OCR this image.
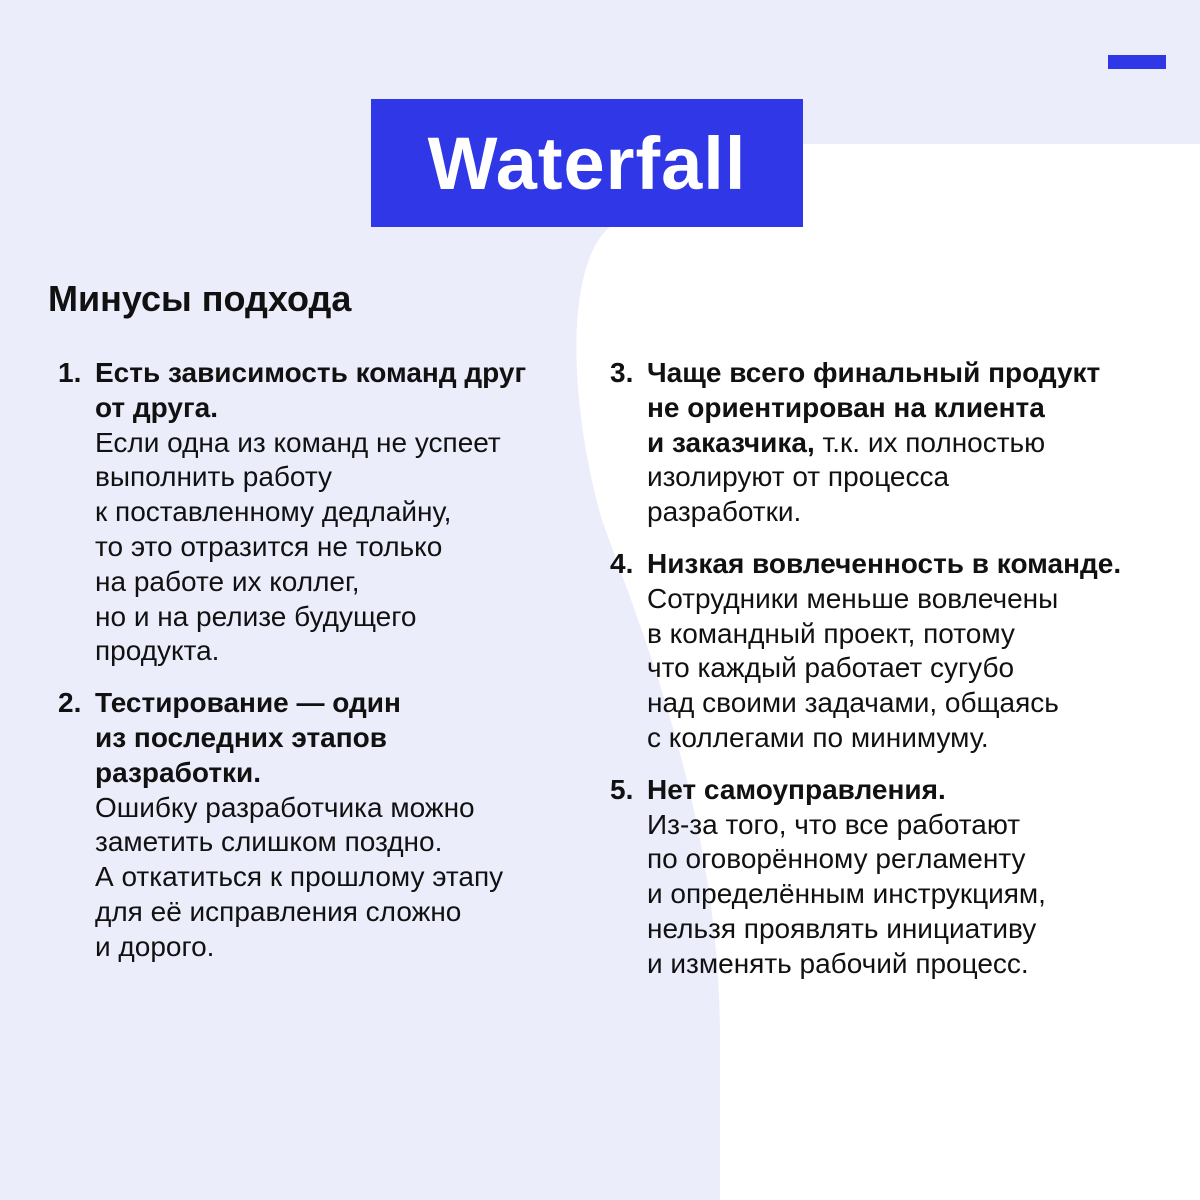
Waterfall
Минусы подхода
1. Есть зависимость команд друг
от друга.
Если одна из команд не успеет
выполнить работу
к поставленному дедлайну,
то это отразится не только
на работе их коллег,
но и на релизе будущего
продукта.
2. Тестирование — один
из последних этапов
разработки.
Ошибку разработчика можно
заметить слишком поздно.
А откатиться к прошлому этапу
для её исправления сложно
и дорого.
3. Чаще всего финальный продукт
не ориентирован на клиента
и заказчика, т.к. их полностью
изолируют от процесса
разработки.
4. Низкая вовлеченность в команде.
Сотрудники меньше вовлечены
в командный проект, потому
что каждый работает сугубо
над своими задачами, общаясь
с коллегами по минимуму.
5. Нет самоуправления.
Из-за того, что все работают
по оговорённому регламенту
и определённым инструкциям,
нельзя проявлять инициативу
и изменять рабочий процесс.
